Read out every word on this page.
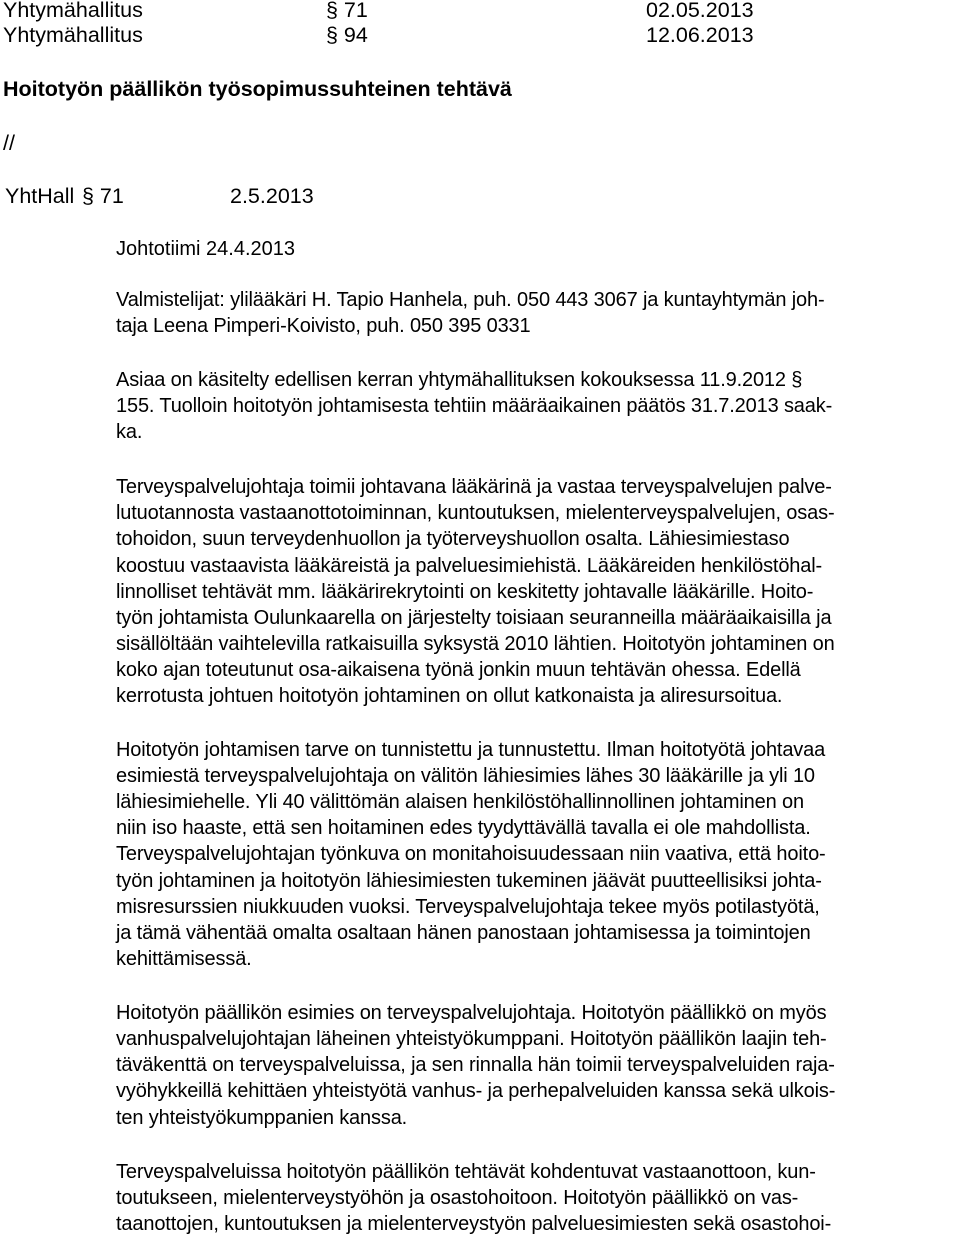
Yhtymähallitus	§ 71	02.05.2013
Yhtymähallitus	§ 94	12.06.2013
Hoitotyön päällikön työsopimussuhteinen tehtävä
//
YhtHall § 71	2.5.2013
Johtotiimi 24.4.2013
Valmistelijat: ylilääkäri H. Tapio Hanhela, puh. 050 443 3067 ja kuntayhtymän joh-
taja Leena Pimperi-Koivisto, puh. 050 395 0331
Asiaa on käsitelty edellisen kerran yhtymähallituksen kokouksessa 11.9.2012 §
155. Tuolloin hoitotyön johtamisesta tehtiin määräaikainen päätös 31.7.2013 saak-
ka.
Terveyspalvelujohtaja toimii johtavana lääkärinä ja vastaa terveyspalvelujen palve-
lutuotannosta vastaanottotoiminnan, kuntoutuksen, mielenterveyspalvelujen, osas-
tohoidon, suun terveydenhuollon ja työterveyshuollon osalta. Lähiesimiestaso
koostuu vastaavista lääkäreistä ja palveluesimiehistä. Lääkäreiden henkilöstöhal-
linnolliset tehtävät mm. lääkärirekrytointi on keskitetty johtavalle lääkärille. Hoito-
työn johtamista Oulunkaarella on järjestelty toisiaan seuranneilla määräaikaisilla ja
sisällöltään vaihtelevilla ratkaisuilla syksystä 2010 lähtien. Hoitotyön johtaminen on
koko ajan toteutunut osa-aikaisena työnä jonkin muun tehtävän ohessa. Edellä
kerrotusta johtuen hoitotyön johtaminen on ollut katkonaista ja aliresursoitua.
Hoitotyön johtamisen tarve on tunnistettu ja tunnustettu. Ilman hoitotyötä johtavaa
esimiestä terveyspalvelujohtaja on välitön lähiesimies lähes 30 lääkärille ja yli 10
lähiesimiehelle. Yli 40 välittömän alaisen henkilöstöhallinnollinen johtaminen on
niin iso haaste, että sen hoitaminen edes tyydyttävällä tavalla ei ole mahdollista.
Terveyspalvelujohtajan työnkuva on monitahoisuudessaan niin vaativa, että hoito-
työn johtaminen ja hoitotyön lähiesimiesten tukeminen jäävät puutteellisiksi johta-
misresurssien niukkuuden vuoksi. Terveyspalvelujohtaja tekee myös potilastyötä,
ja tämä vähentää omalta osaltaan hänen panostaan johtamisessa ja toimintojen
kehittämisessä.
Hoitotyön päällikön esimies on terveyspalvelujohtaja. Hoitotyön päällikkö on myös
vanhuspalvelujohtajan läheinen yhteistyökumppani. Hoitotyön päällikön laajin teh-
täväkenttä on terveyspalveluissa, ja sen rinnalla hän toimii terveyspalveluiden raja-
vyöhykkeillä kehittäen yhteistyötä vanhus- ja perhepalveluiden kanssa sekä ulkois-
ten yhteistyökumppanien kanssa.
Terveyspalveluissa hoitotyön päällikön tehtävät kohdentuvat vastaanottoon, kun-
toutukseen, mielenterveystyöhön ja osastohoitoon. Hoitotyön päällikkö on vas-
taanottojen, kuntoutuksen ja mielenterveystyön palveluesimiesten sekä osastohoi-
